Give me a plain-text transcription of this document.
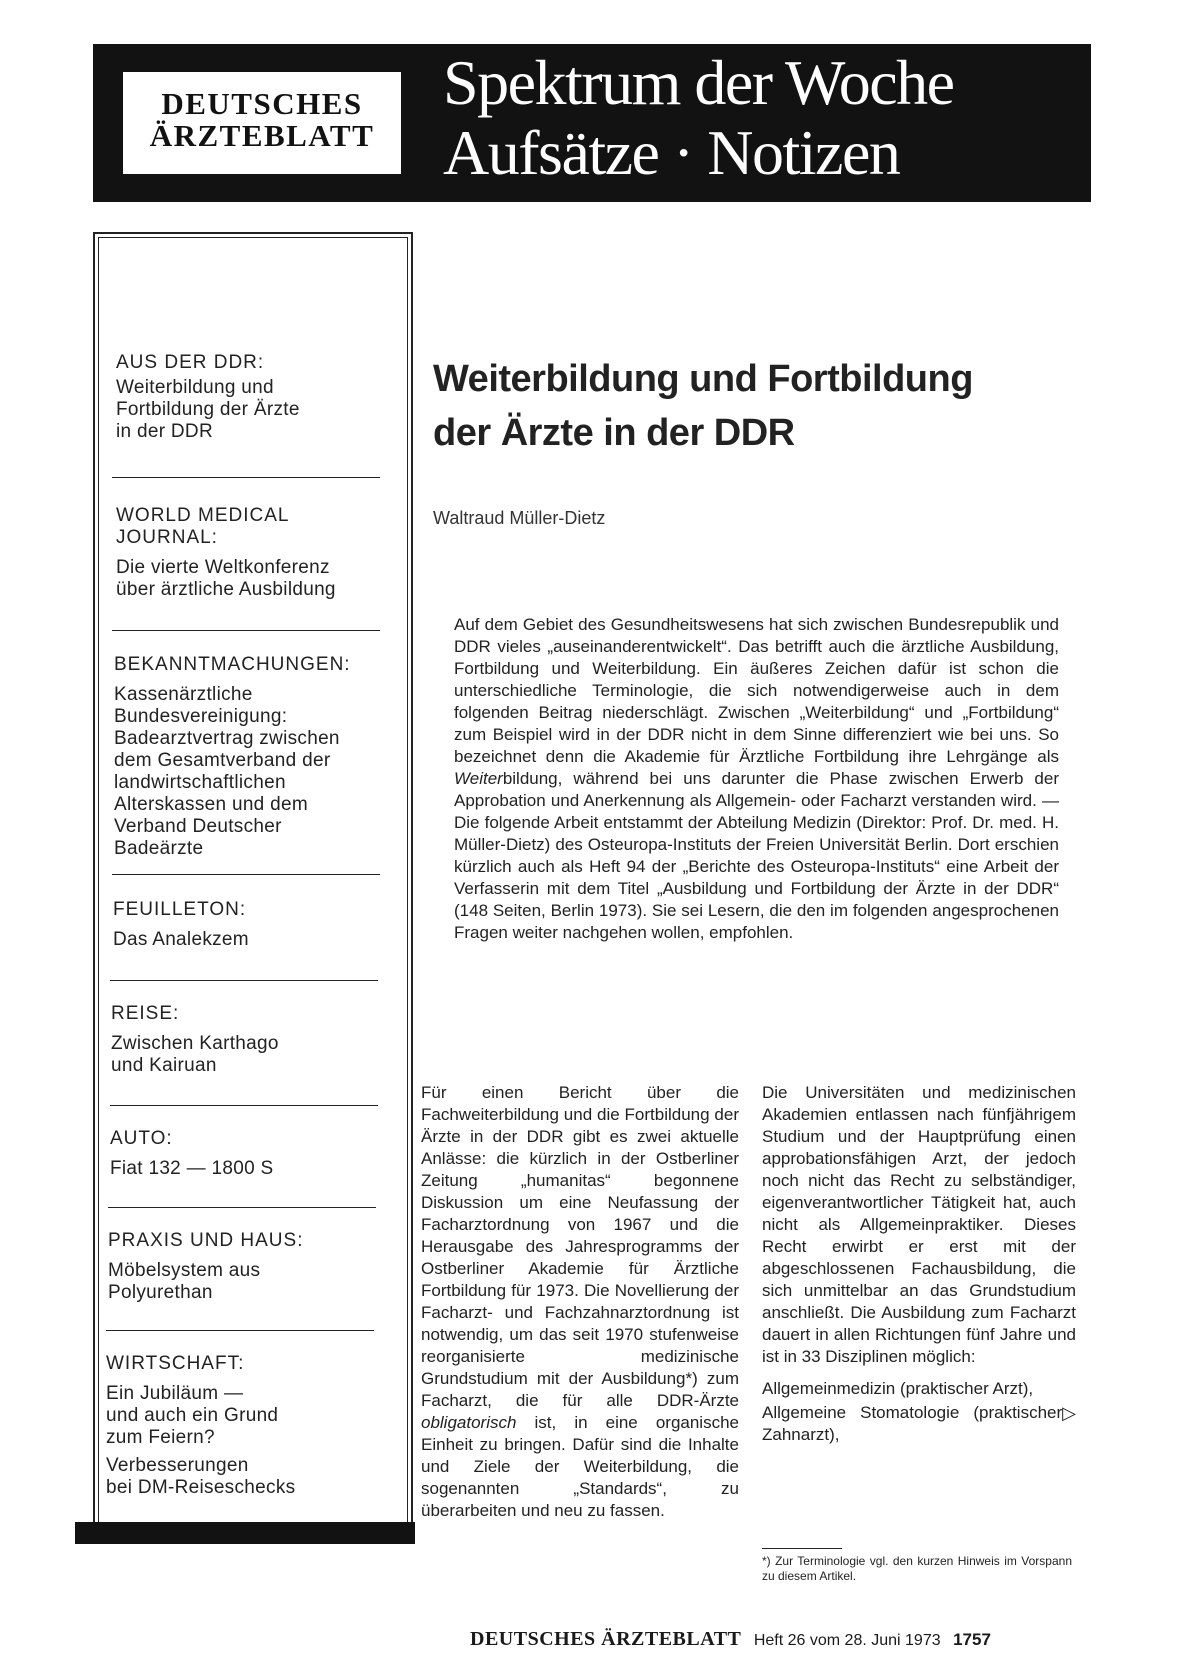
DEUTSCHES
ÄRZTEBLATT
Spektrum der Woche
Aufsätze · Notizen
AUS DER DDR:
Weiterbildung und
Fortbildung der Ärzte
in der DDR
WORLD MEDICAL
JOURNAL:
Die vierte Weltkonferenz
über ärztliche Ausbildung
BEKANNTMACHUNGEN:
Kassenärztliche
Bundesvereinigung:
Badearztvertrag zwischen
dem Gesamtverband der
landwirtschaftlichen
Alterskassen und dem
Verband Deutscher
Badeärzte
FEUILLETON:
Das Analekzem
REISE:
Zwischen Karthago
und Kairuan
AUTO:
Fiat 132 — 1800 S
PRAXIS UND HAUS:
Möbelsystem aus
Polyurethan
WIRTSCHAFT:
Ein Jubiläum —
und auch ein Grund
zum Feiern?
Verbesserungen
bei DM-Reiseschecks
Weiterbildung und Fortbildung
der Ärzte in der DDR
Waltraud Müller-Dietz

Auf dem Gebiet des Gesundheitswesens hat sich zwischen Bundesrepublik und DDR vieles „auseinanderentwickelt“. Das betrifft auch die ärztliche Ausbildung, Fortbildung und Weiterbildung. Ein äußeres Zeichen dafür ist schon die unterschiedliche Terminologie, die sich notwendigerweise auch in dem folgenden Beitrag niederschlägt. Zwischen „Weiterbildung“ und „Fortbildung“ zum Beispiel wird in der DDR nicht in dem Sinne differenziert wie bei uns. So bezeichnet denn die Akademie für Ärztliche Fortbildung ihre Lehrgänge als Weiterbildung, während bei uns darunter die Phase zwischen Erwerb der Approbation und Anerkennung als Allgemein- oder Facharzt verstanden wird. — Die folgende Arbeit entstammt der Abteilung Medizin (Direktor: Prof. Dr. med. H. Müller-Dietz) des Osteuropa-Instituts der Freien Universität Berlin. Dort erschien kürzlich auch als Heft 94 der „Berichte des Osteuropa-Instituts“ eine Arbeit der Verfasserin mit dem Titel „Ausbildung und Fortbildung der Ärzte in der DDR“ (148 Seiten, Berlin 1973). Sie sei Lesern, die den im folgenden angesprochenen Fragen weiter nachgehen wollen, empfohlen.

Für einen Bericht über die Fachweiterbildung und die Fortbildung der Ärzte in der DDR gibt es zwei aktuelle Anlässe: die kürzlich in der Ostberliner Zeitung „humanitas“ begonnene Diskussion um eine Neufassung der Facharztordnung von 1967 und die Herausgabe des Jahresprogramms der Ostberliner Akademie für Ärztliche Fortbildung für 1973. Die Novellierung der Facharzt- und Fachzahnarztordnung ist notwendig, um das seit 1970 stufenweise reorganisierte medizinische Grundstudium mit der Ausbildung*) zum Facharzt, die für alle DDR-Ärzte obligatorisch ist, in eine organische Einheit zu bringen. Dafür sind die Inhalte und Ziele der Weiterbildung, die sogenannten „Standards“, zu überarbeiten und neu zu fassen.

Die Universitäten und medizinischen Akademien entlassen nach fünfjährigem Studium und der Hauptprüfung einen approbationsfähigen Arzt, der jedoch noch nicht das Recht zu selbständiger, eigenverantwortlicher Tätigkeit hat, auch nicht als Allgemeinpraktiker. Dieses Recht erwirbt er erst mit der abgeschlossenen Fachausbildung, die sich unmittelbar an das Grundstudium anschließt. Die Ausbildung zum Facharzt dauert in allen Richtungen fünf Jahre und ist in 33 Disziplinen möglich:

Allgemeinmedizin (praktischer Arzt),
▷
Allgemeine Stomatologie (praktischer Zahnarzt),

*) Zur Terminologie vgl. den kurzen Hinweis im Vorspann zu diesem Artikel.

DEUTSCHES ÄRZTEBLATT Heft 26 vom 28. Juni 1973 1757
